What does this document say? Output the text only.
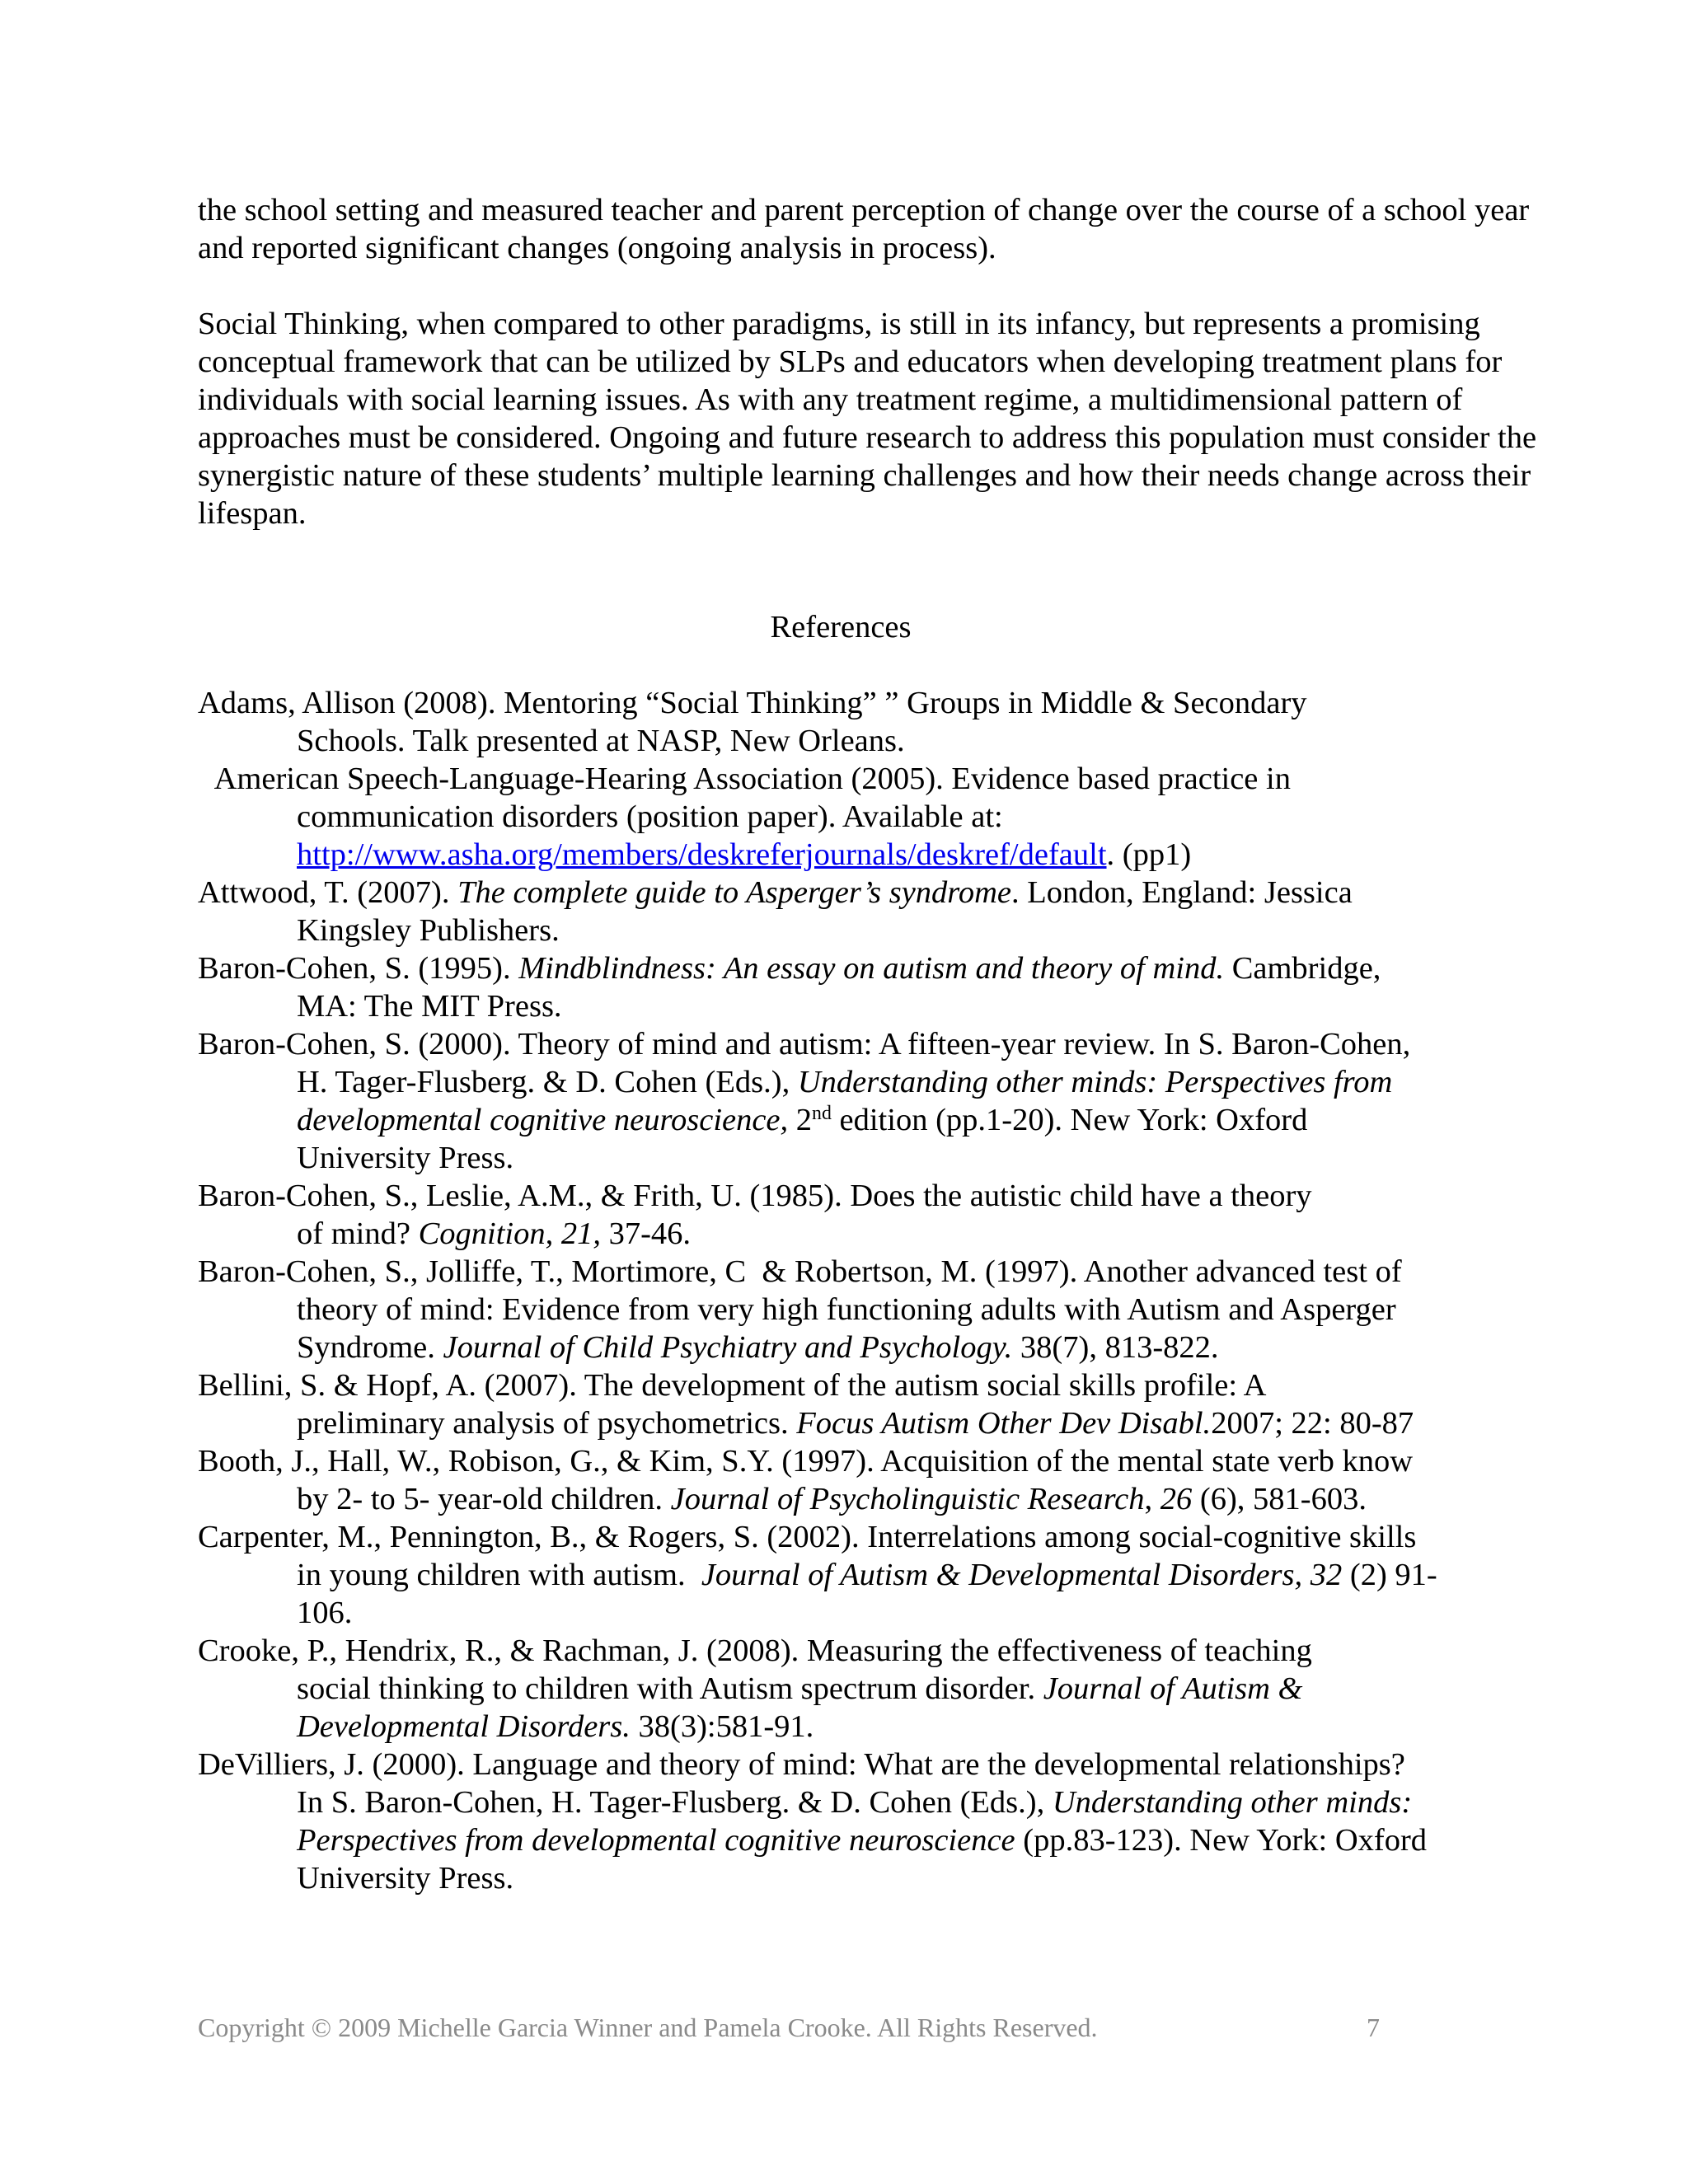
the school setting and measured teacher and parent perception of change over the course of a school year and reported significant changes (ongoing analysis in process).

Social Thinking, when compared to other paradigms, is still in its infancy, but represents a promising conceptual framework that can be utilized by SLPs and educators when developing treatment plans for individuals with social learning issues. As with any treatment regime, a multidimensional pattern of approaches must be considered. Ongoing and future research to address this population must consider the synergistic nature of these students’ multiple learning challenges and how their needs change across their lifespan.

References

Adams, Allison (2008). Mentoring “Social Thinking” ” Groups in Middle & Secondary
Schools. Talk presented at NASP, New Orleans.

American Speech-Language-Hearing Association (2005). Evidence based practice in
communication disorders (position paper). Available at:
http://www.asha.org/members/deskreferjournals/deskref/default. (pp1)

Attwood, T. (2007). The complete guide to Asperger’s syndrome. London, England: Jessica
Kingsley Publishers.

Baron-Cohen, S. (1995). Mindblindness: An essay on autism and theory of mind. Cambridge,
MA: The MIT Press.

Baron-Cohen, S. (2000). Theory of mind and autism: A fifteen-year review. In S. Baron-Cohen,
H. Tager-Flusberg. & D. Cohen (Eds.), Understanding other minds: Perspectives from
developmental cognitive neuroscience, 2nd edition (pp.1-20). New York: Oxford
University Press.

Baron-Cohen, S., Leslie, A.M., & Frith, U. (1985). Does the autistic child have a theory
of mind? Cognition, 21, 37-46.

Baron-Cohen, S., Jolliffe, T., Mortimore, C  & Robertson, M. (1997). Another advanced test of
theory of mind: Evidence from very high functioning adults with Autism and Asperger
Syndrome. Journal of Child Psychiatry and Psychology. 38(7), 813-822.

Bellini, S. & Hopf, A. (2007). The development of the autism social skills profile: A
preliminary analysis of psychometrics. Focus Autism Other Dev Disabl.2007; 22: 80-87

Booth, J., Hall, W., Robison, G., & Kim, S.Y. (1997). Acquisition of the mental state verb know
by 2- to 5- year-old children. Journal of Psycholinguistic Research, 26 (6), 581-603.

Carpenter, M., Pennington, B., & Rogers, S. (2002). Interrelations among social-cognitive skills
in young children with autism.  Journal of Autism & Developmental Disorders, 32 (2) 91-
106.

Crooke, P., Hendrix, R., & Rachman, J. (2008). Measuring the effectiveness of teaching
social thinking to children with Autism spectrum disorder. Journal of Autism &
Developmental Disorders. 38(3):581-91.

DeVilliers, J. (2000). Language and theory of mind: What are the developmental relationships?
In S. Baron-Cohen, H. Tager-Flusberg. & D. Cohen (Eds.), Understanding other minds:
Perspectives from developmental cognitive neuroscience (pp.83-123). New York: Oxford
University Press.

Copyright © 2009 Michelle Garcia Winner and Pamela Crooke. All Rights Reserved.	7
